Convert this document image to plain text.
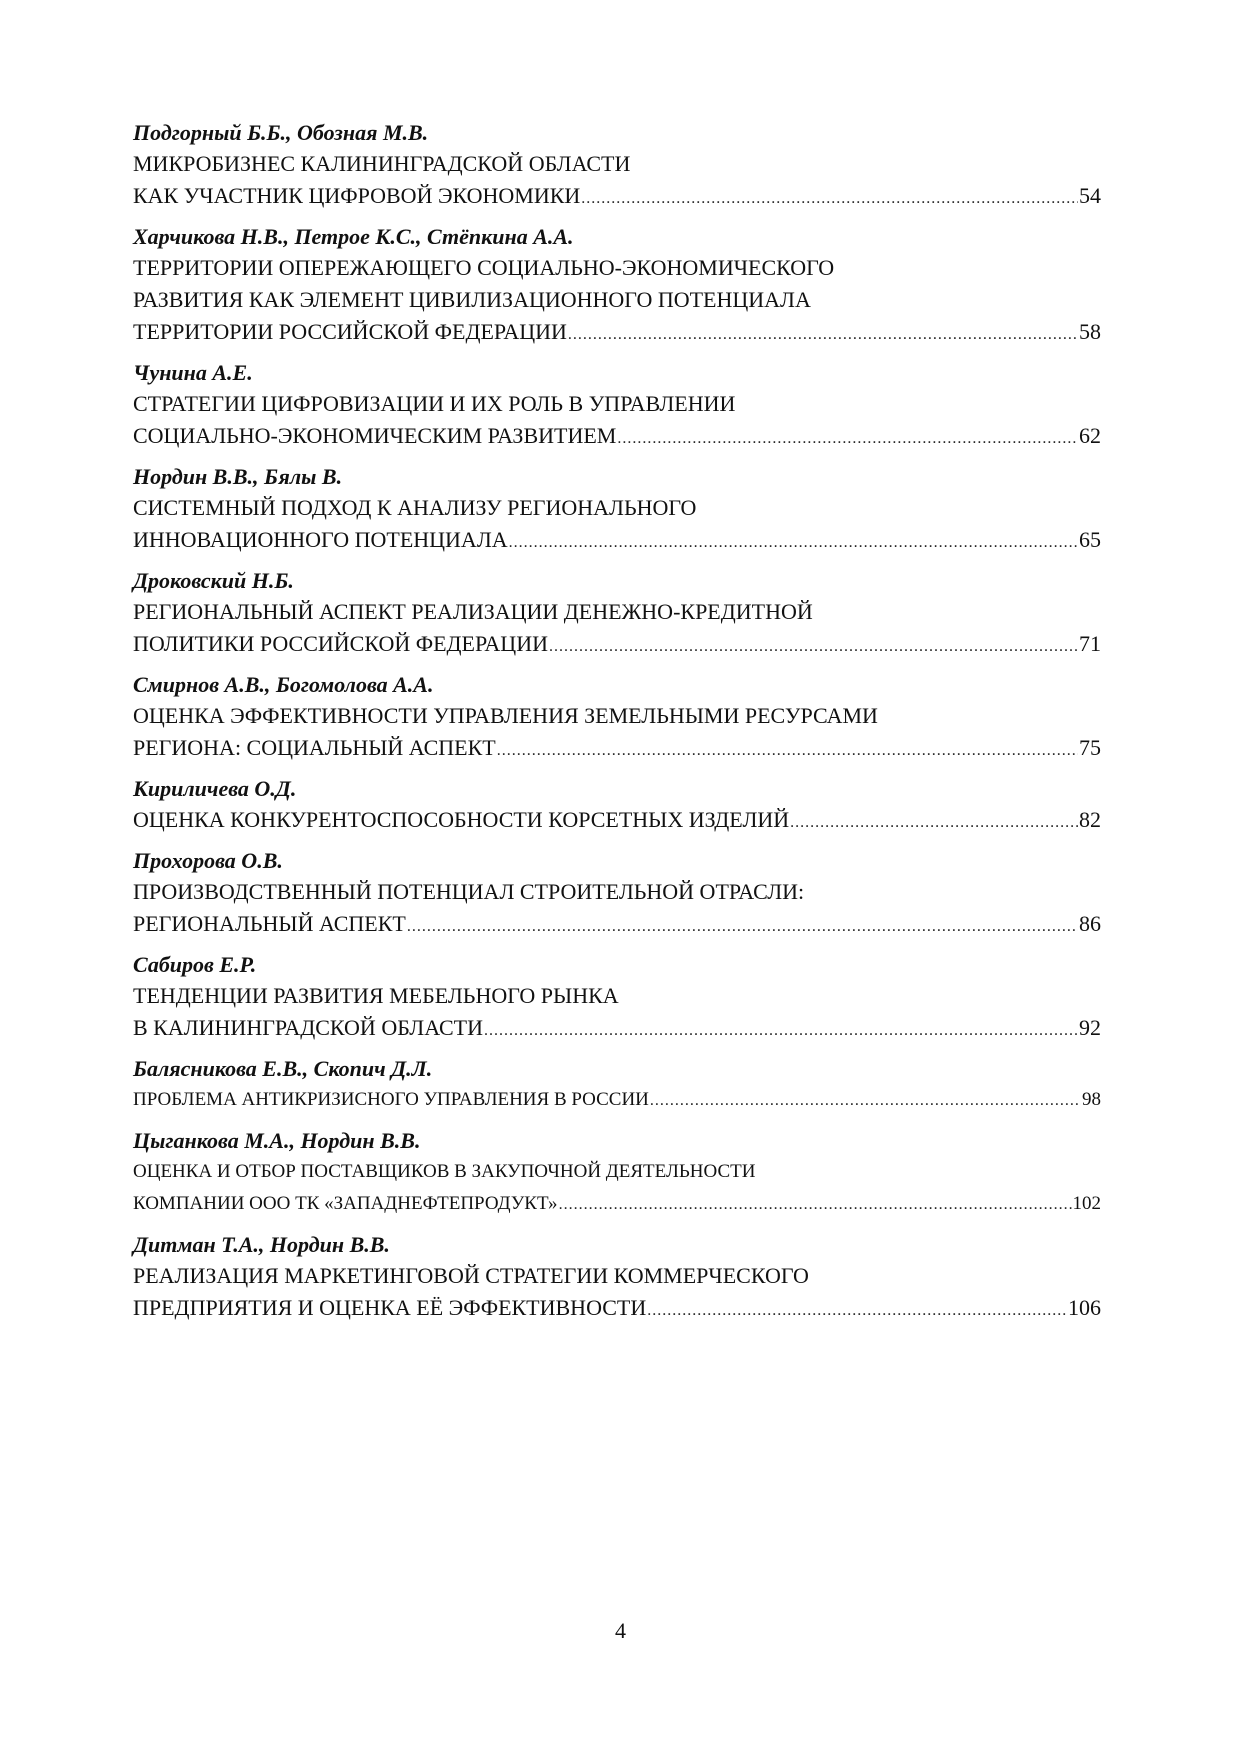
Подгорный Б.Б., Обозная М.В.
МИКРОБИЗНЕС КАЛИНИНГРАДСКОЙ ОБЛАСТИ
КАК УЧАСТНИК ЦИФРОВОЙ ЭКОНОМИКИ .....	54
Харчикова Н.В., Петрое К.С., Стёпкина А.А.
ТЕРРИТОРИИ ОПЕРЕЖАЮЩЕГО СОЦИАЛЬНО-ЭКОНОМИЧЕСКОГО
РАЗВИТИЯ КАК ЭЛЕМЕНТ ЦИВИЛИЗАЦИОННОГО ПОТЕНЦИАЛА
ТЕРРИТОРИИ РОССИЙСКОЙ ФЕДЕРАЦИИ .....	58
Чунина А.Е.
СТРАТЕГИИ ЦИФРОВИЗАЦИИ И ИХ РОЛЬ В УПРАВЛЕНИИ
СОЦИАЛЬНО-ЭКОНОМИЧЕСКИМ РАЗВИТИЕМ .....	62
Нордин В.В., Бялы В.
СИСТЕМНЫЙ ПОДХОД К АНАЛИЗУ РЕГИОНАЛЬНОГО
ИННОВАЦИОННОГО ПОТЕНЦИАЛА .....	65
Дроковский Н.Б.
РЕГИОНАЛЬНЫЙ АСПЕКТ РЕАЛИЗАЦИИ ДЕНЕЖНО-КРЕДИТНОЙ
ПОЛИТИКИ РОССИЙСКОЙ ФЕДЕРАЦИИ .....	71
Смирнов А.В., Богомолова А.А.
ОЦЕНКА ЭФФЕКТИВНОСТИ УПРАВЛЕНИЯ ЗЕМЕЛЬНЫМИ РЕСУРСАМИ
РЕГИОНА: СОЦИАЛЬНЫЙ АСПЕКТ .....	75
Кириличева О.Д.
ОЦЕНКА КОНКУРЕНТОСПОСОБНОСТИ КОРСЕТНЫХ ИЗДЕЛИЙ .....	82
Прохорова О.В.
ПРОИЗВОДСТВЕННЫЙ ПОТЕНЦИАЛ СТРОИТЕЛЬНОЙ ОТРАСЛИ:
РЕГИОНАЛЬНЫЙ АСПЕКТ .....	86
Сабиров Е.Р.
ТЕНДЕНЦИИ РАЗВИТИЯ МЕБЕЛЬНОГО РЫНКА
В КАЛИНИНГРАДСКОЙ ОБЛАСТИ .....	92
Балясникова Е.В., Скопич Д.Л.
ПРОБЛЕМА АНТИКРИЗИСНОГО УПРАВЛЕНИЯ В РОССИИ .....	98
Цыганкова М.А., Нордин В.В.
ОЦЕНКА И ОТБОР ПОСТАВЩИКОВ В ЗАКУПОЧНОЙ ДЕЯТЕЛЬНОСТИ
КОМПАНИИ ООО ТК «ЗАПАДНЕФТЕПРОДУКТ» .....	102
Дитман Т.А., Нордин В.В.
РЕАЛИЗАЦИЯ МАРКЕТИНГОВОЙ СТРАТЕГИИ КОММЕРЧЕСКОГО
ПРЕДПРИЯТИЯ И ОЦЕНКА ЕЁ ЭФФЕКТИВНОСТИ .....	106
4
